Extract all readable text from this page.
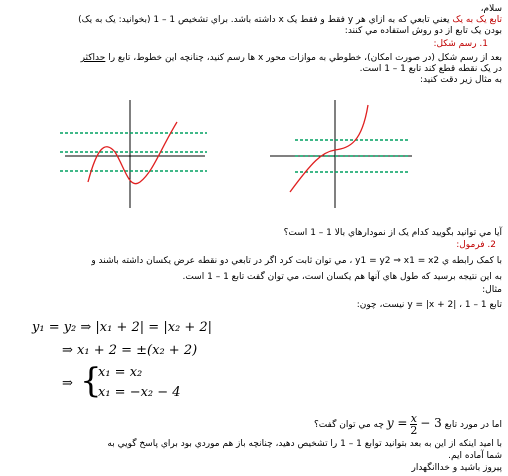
سلام،
تابع يک به يک يعني تابعي که به ازاي هر y فقط و فقط يک x داشته باشد. براي تشخيص 1 – 1 (بخوانيد: يک به يک)
بودن يک تابع از دو روش استفاده مي کنند:
1. رسم شکل:
بعد از رسم شکل (در صورت امکان)، خطوطي به موازات محور x ها رسم کنيد، چنانچه اين خطوط، تابع را حداکثر
در يک نقطه قطع کند تابع 1 – 1 است.
به مثال زير دقت کنيد:
آيا مي توانيد بگوييد کدام يک از نمودارهاي بالا 1 – 1 است؟
2. فرمول:
با کمک رابطه ي y1 = y2 ⇒ x1 = x2 ، مي توان ثابت کرد اگر در تابعي دو نقطه عرض يکسان داشته باشند و
به اين نتيجه برسيد که طول هاي آنها هم يکسان است، مي توان گفت تابع 1 – 1 است.
مثال:
تابع y = |x + 2| ، 1 – 1 نيست، چون:
y₁ = y₂ ⇒ |x₁ + 2| = |x₂ + 2|
⇒ x₁ + 2 = ±(x₂ + 2)
⇒ {
x₁ = x₂
x₁ = −x₂ − 4
اما در مورد تابع $y = \frac{x}{2} - 3$ چه مي توان گفت؟
با اميد اينکه از اين به بعد بتوانيد توابع 1 – 1 را تشخيص دهيد، چنانچه باز هم موردي بود براي پاسخ گويي به
شما آماده ايم.
پيروز باشيد و خداانگهدار
